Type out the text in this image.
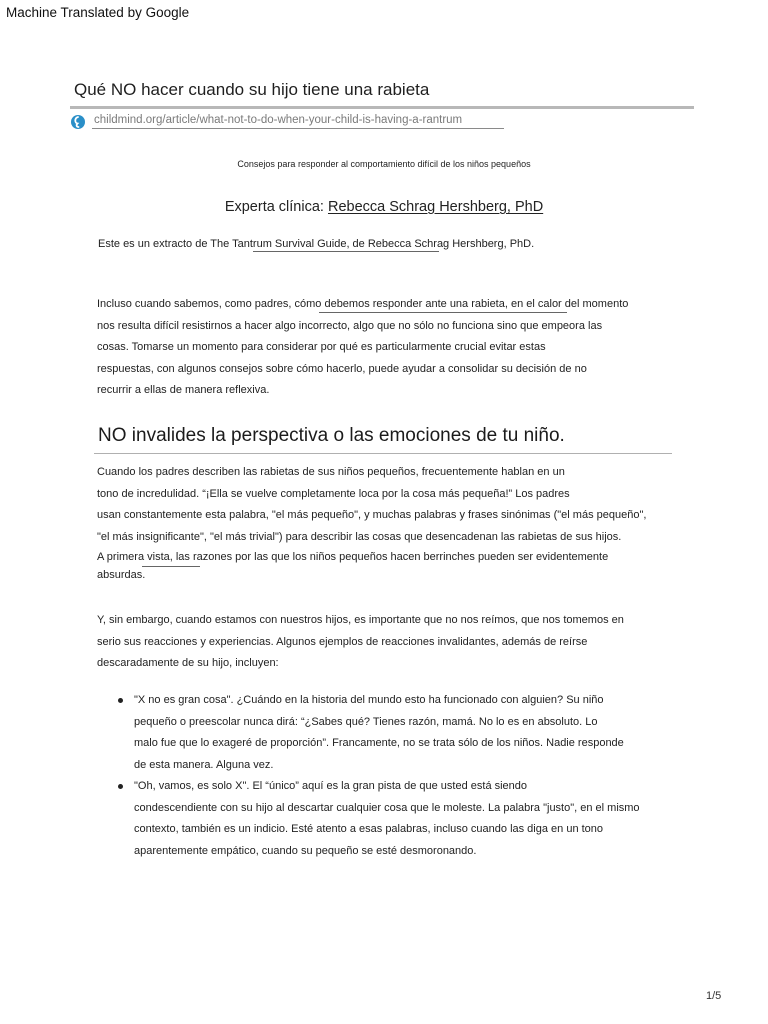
Machine Translated by Google
Qué NO hacer cuando su hijo tiene una rabieta
childmind.org/article/what-not-to-do-when-your-child-is-having-a-rantrum
Consejos para responder al comportamiento difícil de los niños pequeños
Experta clínica: Rebecca Schrag Hershberg, PhD
Este es un extracto de The Tantrum Survival Guide, de Rebecca Schrag Hershberg, PhD.
Incluso cuando sabemos, como padres, cómo debemos responder ante una rabieta, en el calor del momento
nos resulta difícil resistirnos a hacer algo incorrecto, algo que no sólo no funciona sino que empeora las
cosas. Tomarse un momento para considerar por qué es particularmente crucial evitar estas
respuestas, con algunos consejos sobre cómo hacerlo, puede ayudar a consolidar su decisión de no
recurrir a ellas de manera reflexiva.
NO invalides la perspectiva o las emociones de tu niño.
Cuando los padres describen las rabietas de sus niños pequeños, frecuentemente hablan en un
tono de incredulidad. “¡Ella se vuelve completamente loca por la cosa más pequeña!” Los padres
usan constantemente esta palabra, "el más pequeño", y muchas palabras y frases sinónimas ("el más pequeño",
"el más insignificante", "el más trivial") para describir las cosas que desencadenan las rabietas de sus hijos.
A primera vista, las razones por las que los niños pequeños hacen berrinches pueden ser evidentemente
absurdas.
Y, sin embargo, cuando estamos con nuestros hijos, es importante que no nos reímos, que nos tomemos en
serio sus reacciones y experiencias. Algunos ejemplos de reacciones invalidantes, además de reírse
descaradamente de su hijo, incluyen:
"X no es gran cosa". ¿Cuándo en la historia del mundo esto ha funcionado con alguien? Su niño
pequeño o preescolar nunca dirá: “¿Sabes qué? Tienes razón, mamá. No lo es en absoluto. Lo
malo fue que lo exageré de proporción”. Francamente, no se trata sólo de los niños. Nadie responde
de esta manera. Alguna vez.
"Oh, vamos, es solo X". El “único” aquí es la gran pista de que usted está siendo
condescendiente con su hijo al descartar cualquier cosa que le moleste. La palabra "justo", en el mismo
contexto, también es un indicio. Esté atento a esas palabras, incluso cuando las diga en un tono
aparentemente empático, cuando su pequeño se esté desmoronando.
1/5
